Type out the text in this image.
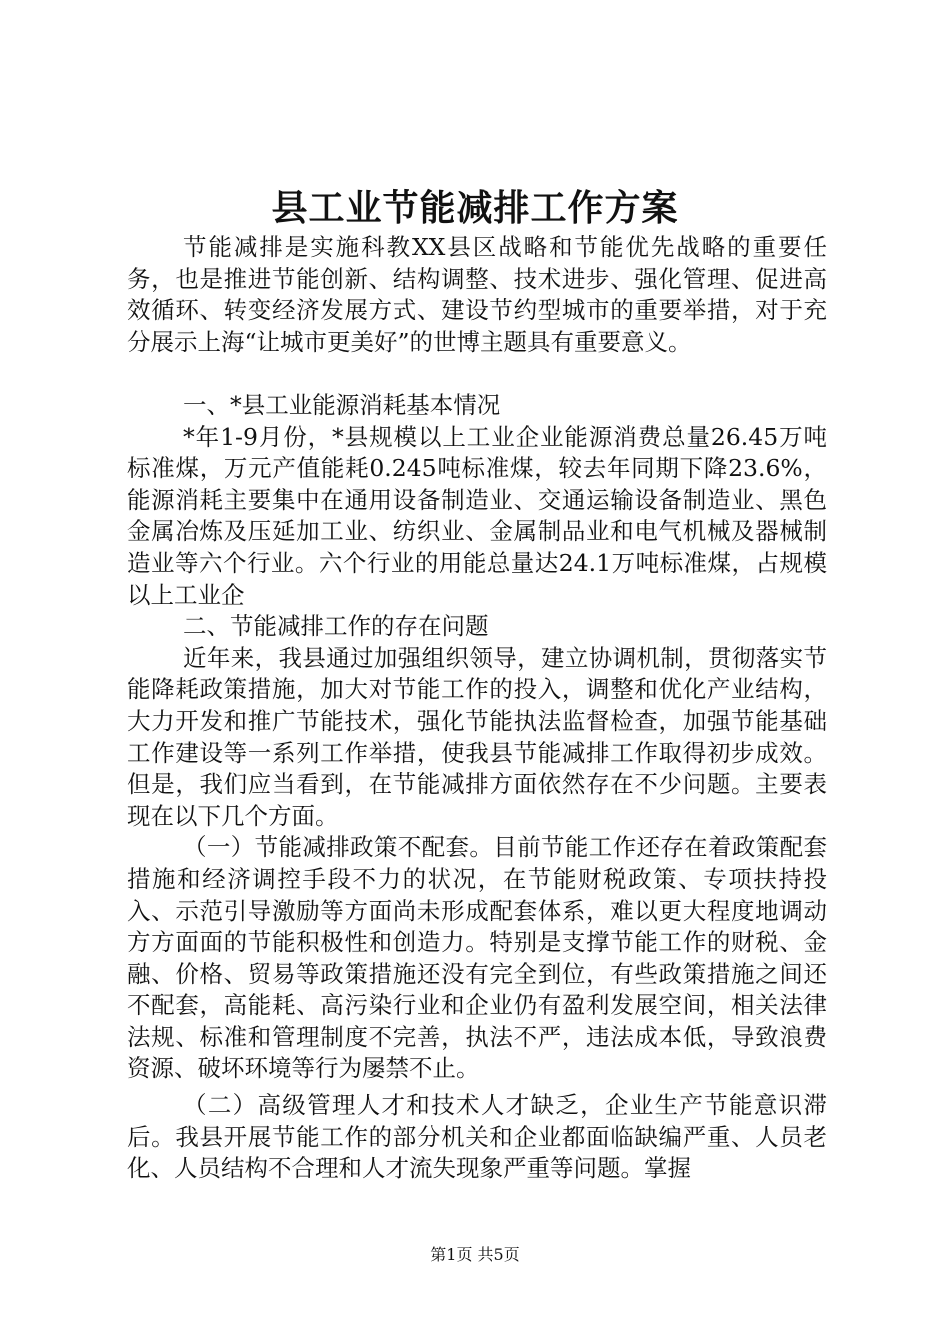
县工业节能减排工作方案

节能减排是实施科教XX县区战略和节能优先战略的重要任务，也是推进节能创新、结构调整、技术进步、强化管理、促进高效循环、转变经济发展方式、建设节约型城市的重要举措，对于充分展示上海“让城市更美好”的世博主题具有重要意义。

一、*县工业能源消耗基本情况

*年1-9月份，*县规模以上工业企业能源消费总量26.45万吨标准煤，万元产值能耗0.245吨标准煤，较去年同期下降23.6%，能源消耗主要集中在通用设备制造业、交通运输设备制造业、黑色金属冶炼及压延加工业、纺织业、金属制品业和电气机械及器械制造业等六个行业。六个行业的用能总量达24.1万吨标准煤，占规模以上工业企

二、节能减排工作的存在问题

近年来，我县通过加强组织领导，建立协调机制，贯彻落实节能降耗政策措施，加大对节能工作的投入，调整和优化产业结构，大力开发和推广节能技术，强化节能执法监督检查，加强节能基础工作建设等一系列工作举措，使我县节能减排工作取得初步成效。但是，我们应当看到，在节能减排方面依然存在不少问题。主要表现在以下几个方面。

（一）节能减排政策不配套。目前节能工作还存在着政策配套措施和经济调控手段不力的状况，在节能财税政策、专项扶持投入、示范引导激励等方面尚未形成配套体系，难以更大程度地调动方方面面的节能积极性和创造力。特别是支撑节能工作的财税、金融、价格、贸易等政策措施还没有完全到位，有些政策措施之间还不配套，高能耗、高污染行业和企业仍有盈利发展空间，相关法律法规、标准和管理制度不完善，执法不严，违法成本低，导致浪费资源、破坏环境等行为屡禁不止。

（二）高级管理人才和技术人才缺乏，企业生产节能意识滞后。我县开展节能工作的部分机关和企业都面临缺编严重、人员老化、人员结构不合理和人才流失现象严重等问题。掌握

第1页 共5页
